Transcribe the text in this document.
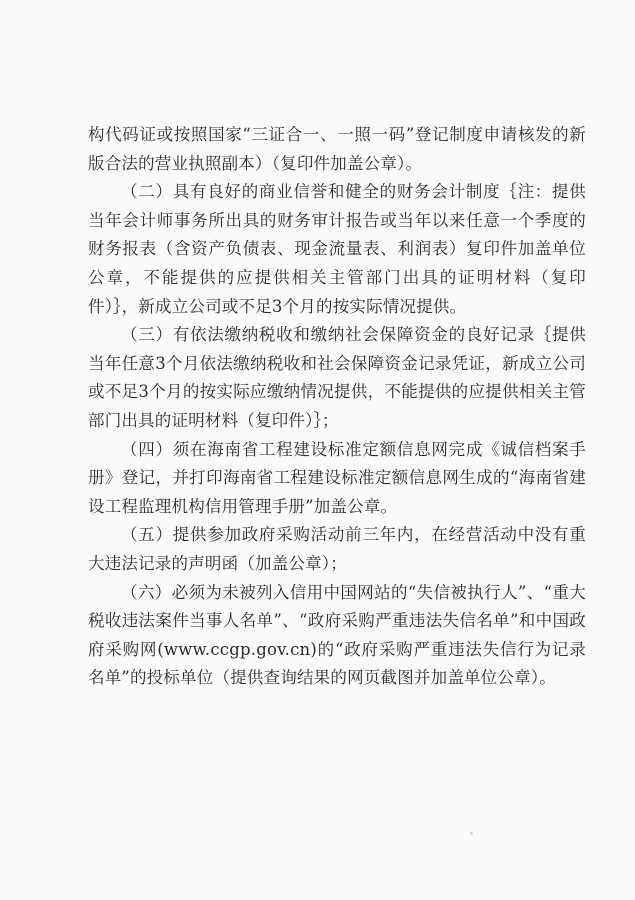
构代码证或按照国家“三证合一、一照一码”登记制度申请核发的新版合法的营业执照副本）（复印件加盖公章）。

（二）具有良好的商业信誉和健全的财务会计制度｛注：提供当年会计师事务所出具的财务审计报告或当年以来任意一个季度的财务报表（含资产负债表、现金流量表、利润表）复印件加盖单位公章，不能提供的应提供相关主管部门出具的证明材料（复印件）｝，新成立公司或不足3个月的按实际情况提供。

（三）有依法缴纳税收和缴纳社会保障资金的良好记录｛提供当年任意3个月依法缴纳税收和社会保障资金记录凭证，新成立公司或不足3个月的按实际应缴纳情况提供，不能提供的应提供相关主管部门出具的证明材料（复印件）｝；

（四）须在海南省工程建设标准定额信息网完成《诚信档案手册》登记，并打印海南省工程建设标准定额信息网生成的“海南省建设工程监理机构信用管理手册”加盖公章。

（五）提供参加政府采购活动前三年内，在经营活动中没有重大违法记录的声明函（加盖公章）；

（六）必须为未被列入信用中国网站的“失信被执行人”、“重大税收违法案件当事人名单”、“政府采购严重违法失信名单”和中国政府采购网(www.ccgp.gov.cn)的“政府采购严重违法失信行为记录名单”的投标单位（提供查询结果的网页截图并加盖单位公章）。
